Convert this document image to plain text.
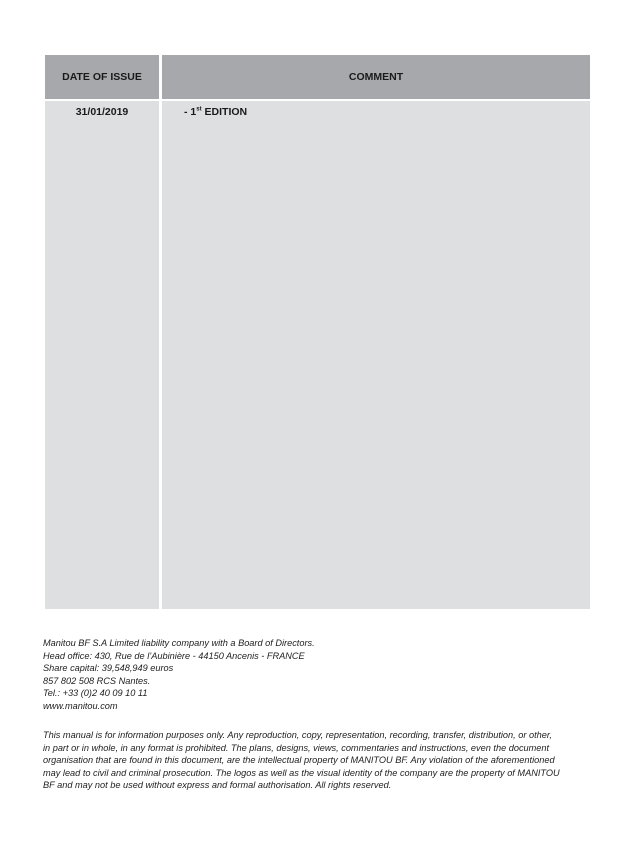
DATE OF ISSUE	COMMENT
31/01/2019	- 1st EDITION
Manitou BF S.A Limited liability company with a Board of Directors.
Head office: 430, Rue de l’Aubinière - 44150 Ancenis - FRANCE
Share capital: 39,548,949 euros
857 802 508 RCS Nantes.
Tel.: +33 (0)2 40 09 10 11
www.manitou.com
This manual is for information purposes only. Any reproduction, copy, representation, recording, transfer, distribution, or other,
in part or in whole, in any format is prohibited. The plans, designs, views, commentaries and instructions, even the document
organisation that are found in this document, are the intellectual property of MANITOU BF. Any violation of the aforementioned
may lead to civil and criminal prosecution. The logos as well as the visual identity of the company are the property of MANITOU
BF and may not be used without express and formal authorisation. All rights reserved.
